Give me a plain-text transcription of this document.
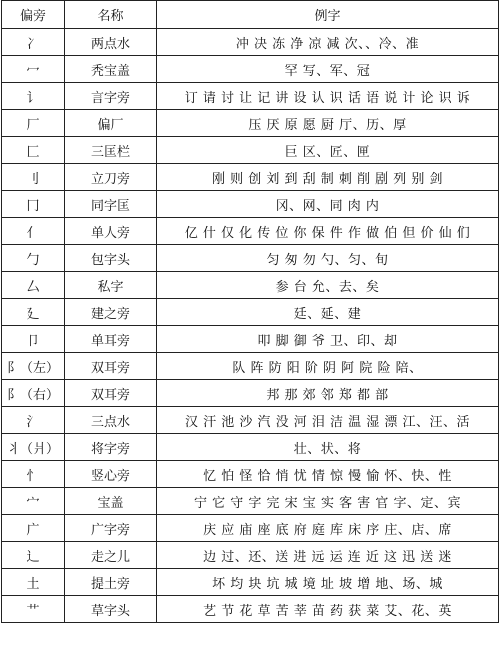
偏旁	名称	例字
冫	两点水	冲 决 冻 净 凉 减 次、、冷、准
冖	秃宝盖	罕 写、军、冠
讠	言字旁	订 请 讨 让 记 讲 设 认 识 话 语 说 计 论 识 诉
厂	偏厂	压 厌 原 愿 厨 厅、历、厚
匚	三匡栏	巨 区、匠、匣
刂	立刀旁	刚 则 创 刘 到 刮 制 刺 削 剧 列 别 剑
冂	同字匡	冈、网、同 肉 内
亻	单人旁	亿 什 仅 化 传 位 你 保 件 作 做 伯 但 价 仙 们
勹	包字头	匀 匆 勿 勺、匀、旬
厶	私字	参 台 允、去、矣
廴	建之旁	廷、延、建
卩	单耳旁	叩 脚 御 爷 卫、印、却
阝（左）	双耳旁	队 阵 防 阳 阶 阴 阿 院 险 陪、
阝（右）	双耳旁	邦 那 郊 邻 郑 都 部
氵	三点水	汉 汗 池 沙 汽 没 河 泪 洁 温 湿 漂 江、汪、活
丬（爿）	将字旁	壮、状、将
忄	竖心旁	忆 怕 怪 恰 悄 忧 情 惊 慢 愉 怀、快、性
宀	宝盖	宁 它 守 字 完 宋 宝 实 客 害 官 字、定、宾
广	广字旁	庆 应 庙 座 底 府 庭 库 床 序 庄、店、席
辶	走之儿	边 过、还、送 进 远 运 连 近 这 迅 送 迷
土	提土旁	坏 均 块 坑 城 境 址 坡 增 地、场、城
艹	草字头	艺 节 花 草 苦 莘 苗 药 获 菜 艾、花、英
